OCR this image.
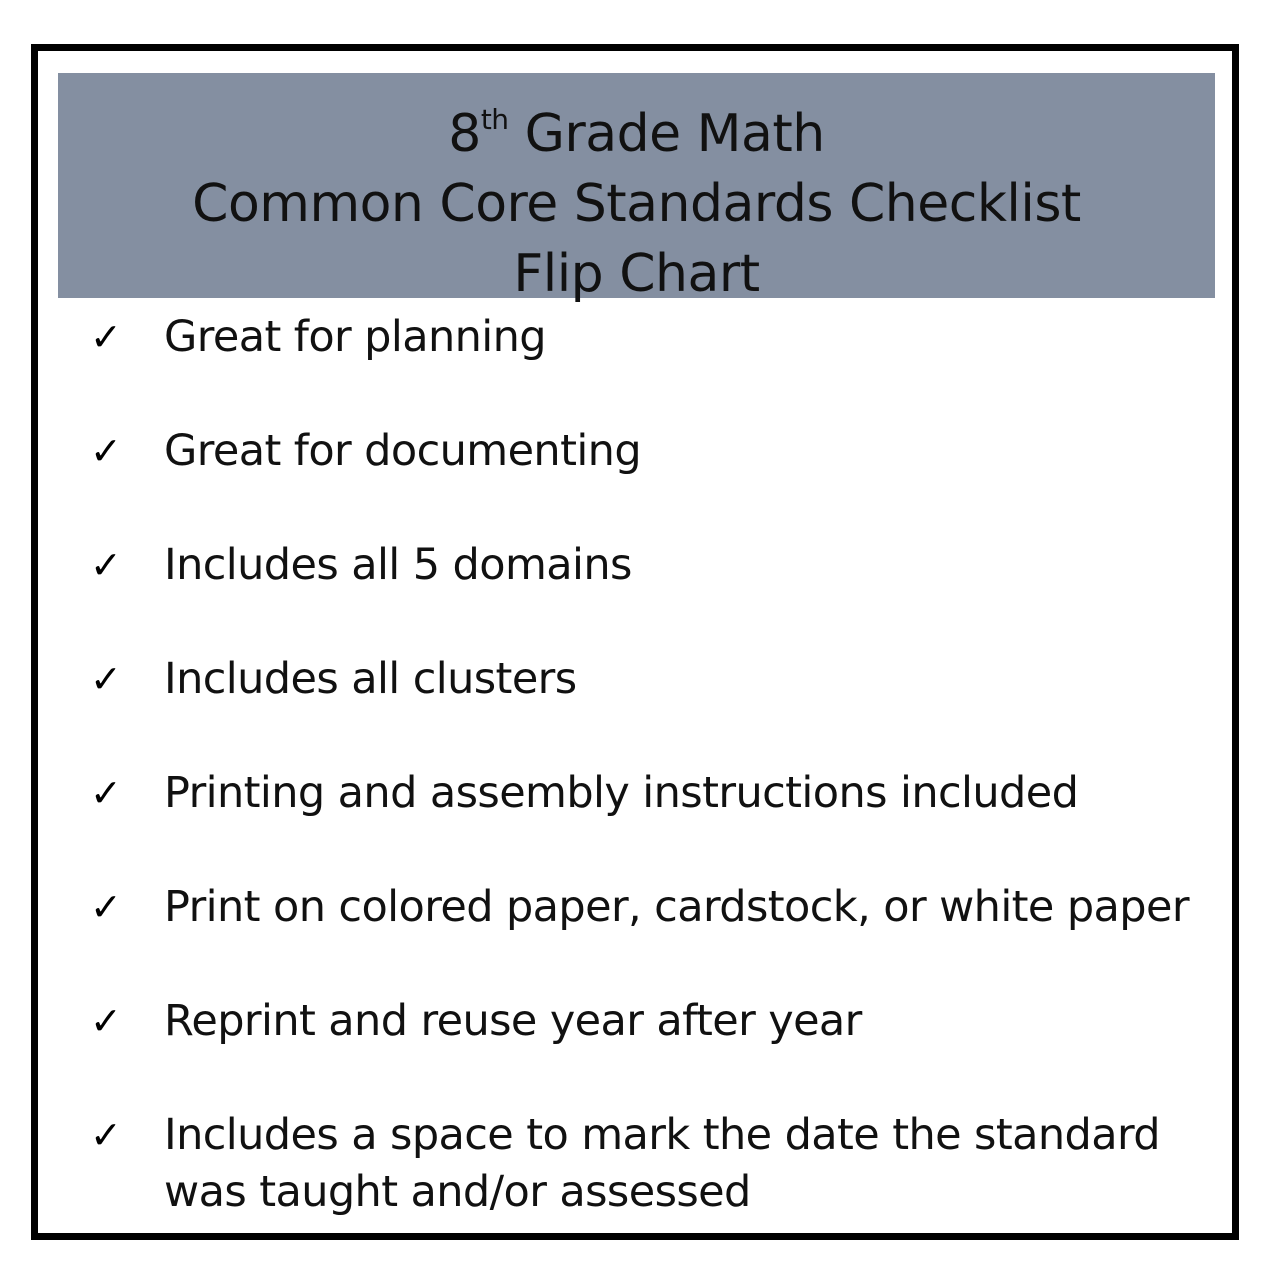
8th Grade Math
Common Core Standards Checklist
Flip Chart
✓ Great for planning
✓ Great for documenting
✓ Includes all 5 domains
✓ Includes all clusters
✓ Printing and assembly instructions included
✓ Print on colored paper, cardstock, or white paper
✓ Reprint and reuse year after year
✓ Includes a space to mark the date the standard
was taught and/or assessed
